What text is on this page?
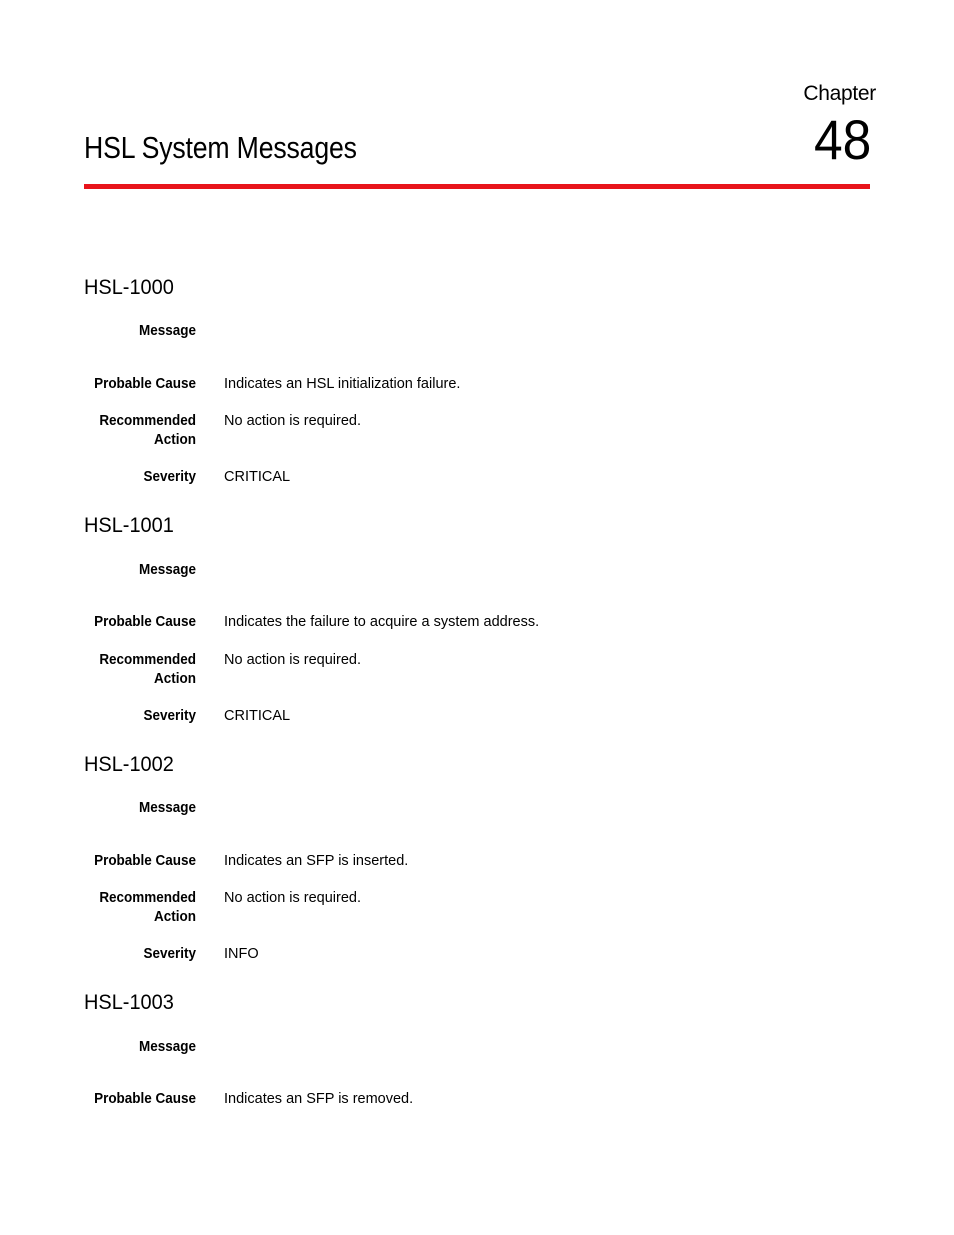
Chapter
48
HSL System Messages
HSL-1000
Message
Probable Cause Indicates an HSL initialization failure.
Recommended
Action
No action is required.
Severity CRITICAL
HSL-1001
Message
Probable Cause Indicates the failure to acquire a system address.
Recommended
Action
No action is required.
Severity CRITICAL
HSL-1002
Message
Probable Cause Indicates an SFP is inserted.
Recommended
Action
No action is required.
Severity INFO
HSL-1003
Message
Probable Cause Indicates an SFP is removed.
